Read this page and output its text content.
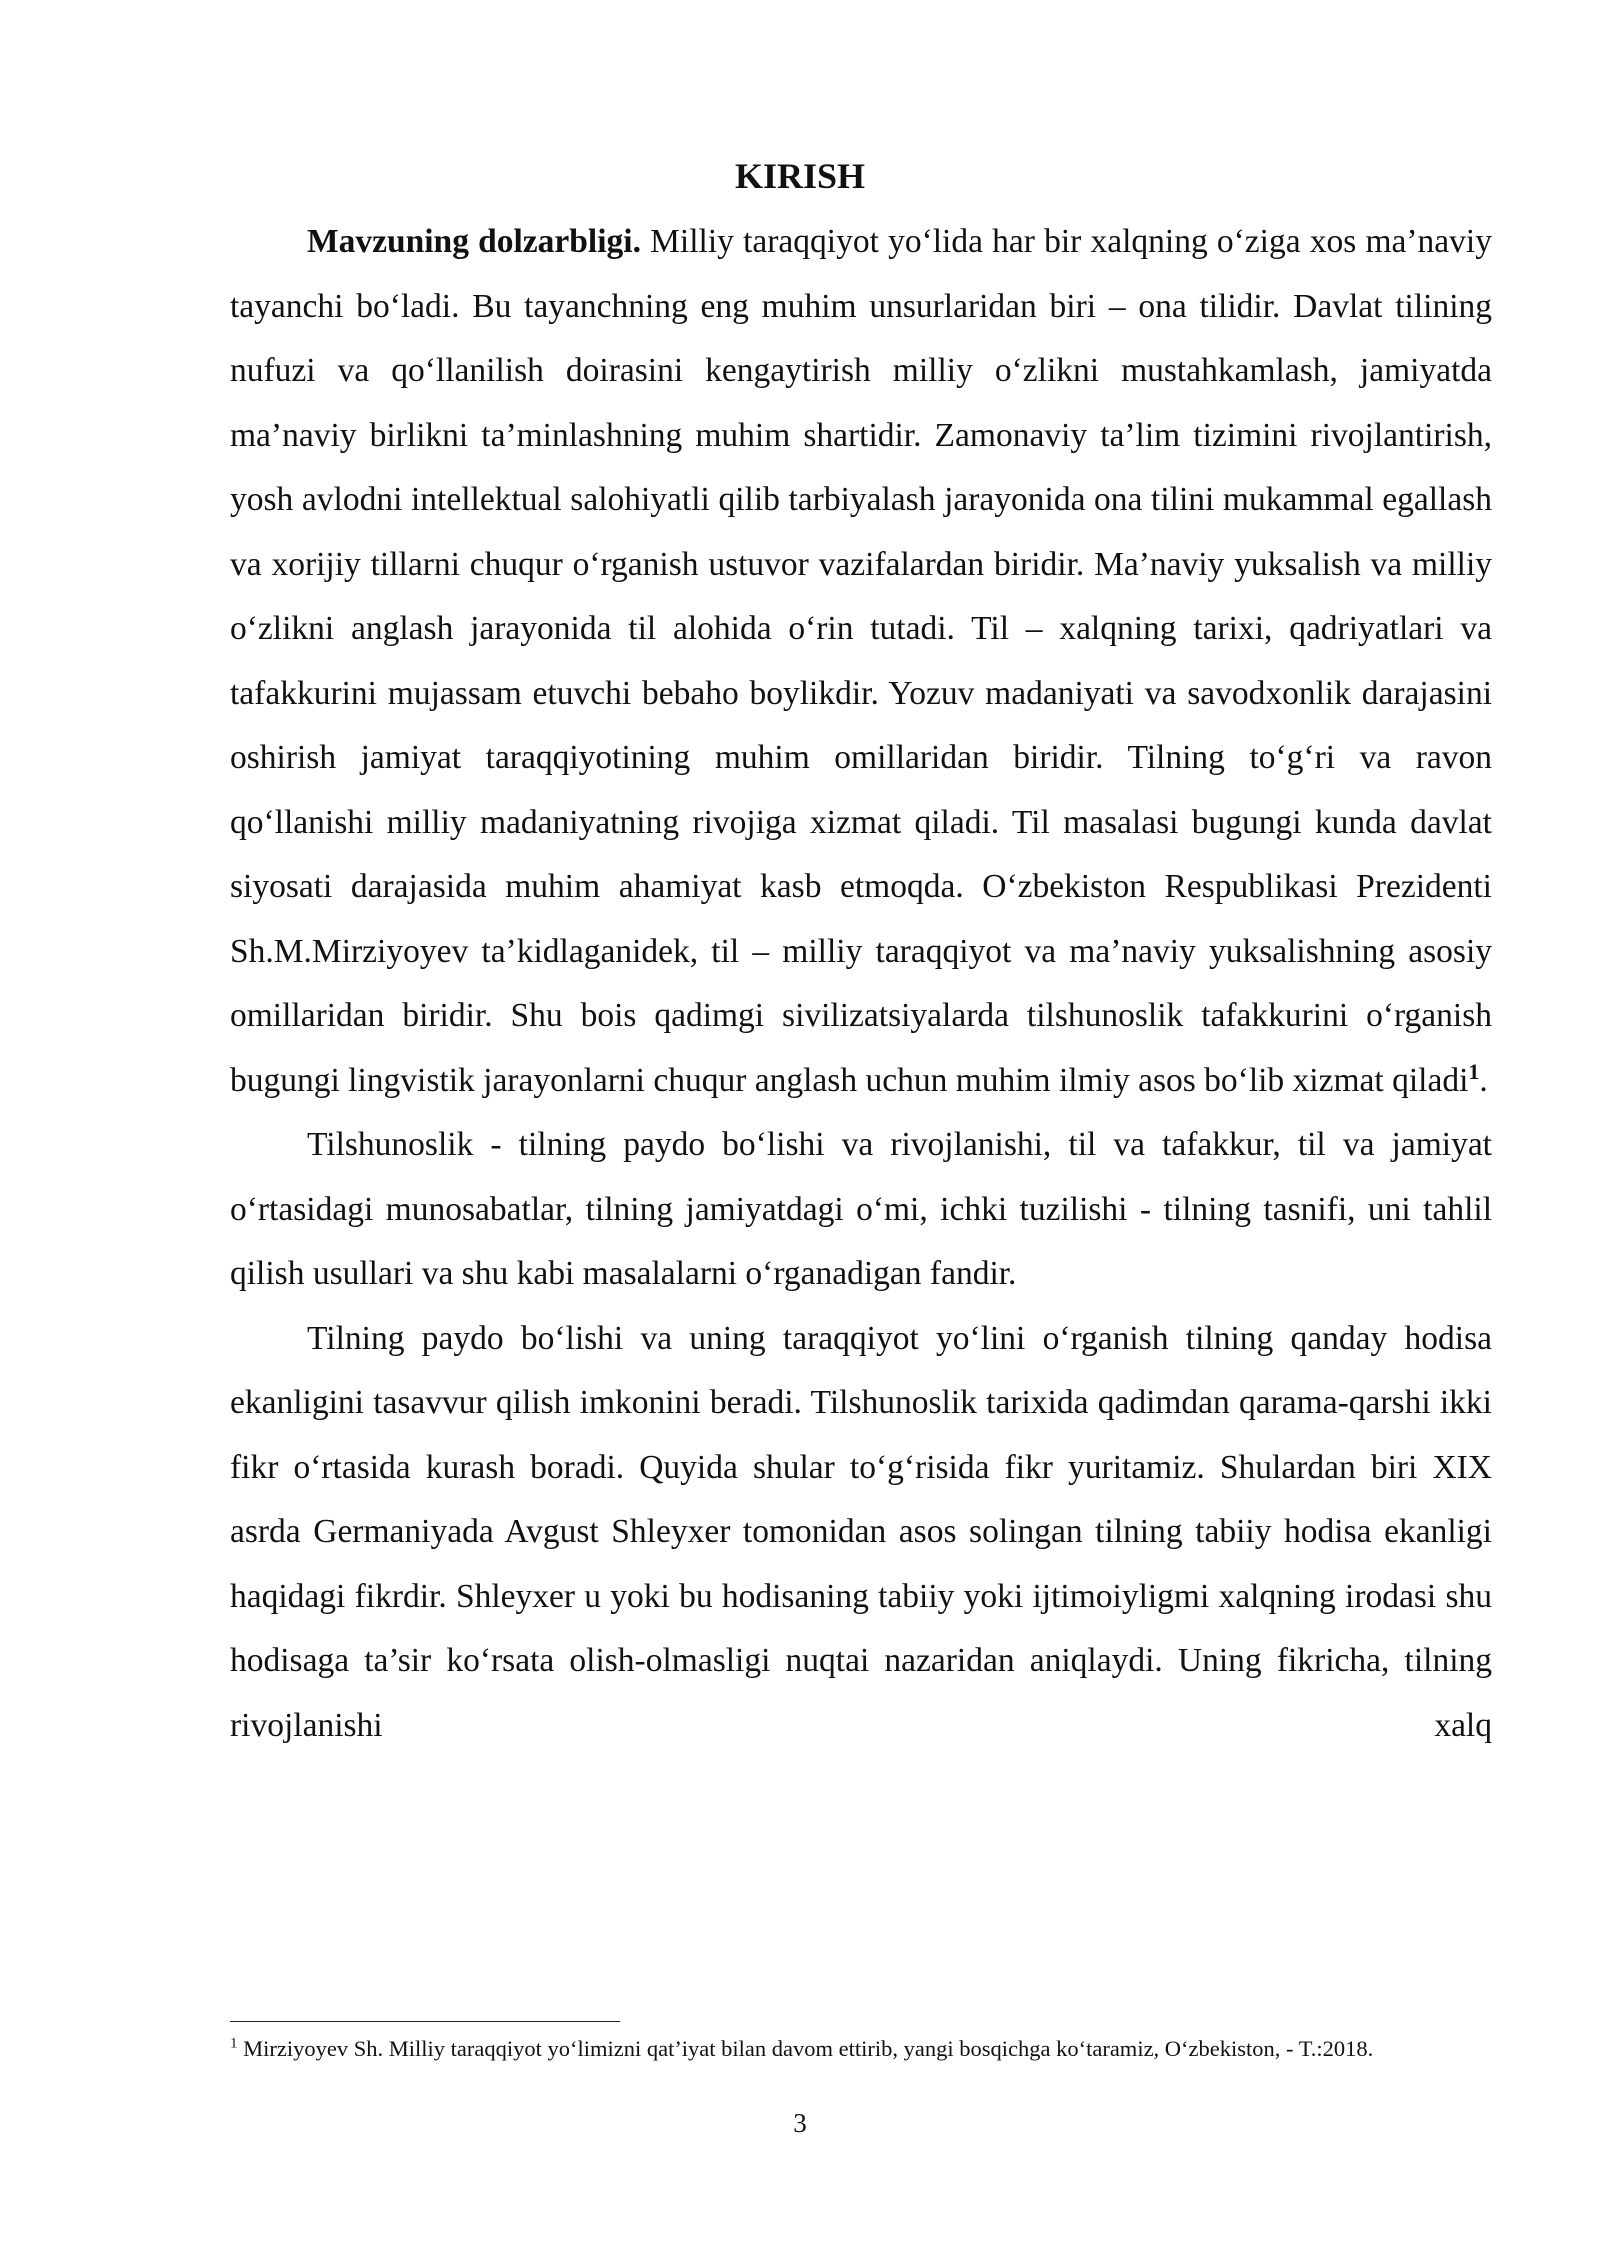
KIRISH

Mavzuning dolzarbligi. Milliy taraqqiyot yo‘lida har bir xalqning o‘ziga xos ma’naviy tayanchi bo‘ladi. Bu tayanchning eng muhim unsurlaridan biri – ona tilidir. Davlat tilining nufuzi va qo‘llanilish doirasini kengaytirish milliy o‘zlikni mustahkamlash, jamiyatda ma’naviy birlikni ta’minlashning muhim shartidir. Zamonaviy ta’lim tizimini rivojlantirish, yosh avlodni intellektual salohiyatli qilib tarbiyalash jarayonida ona tilini mukammal egallash va xorijiy tillarni chuqur o‘rganish ustuvor vazifalardan biridir. Ma’naviy yuksalish va milliy o‘zlikni anglash jarayonida til alohida o‘rin tutadi. Til – xalqning tarixi, qadriyatlari va tafakkurini mujassam etuvchi bebaho boylikdir. Yozuv madaniyati va savodxonlik darajasini oshirish jamiyat taraqqiyotining muhim omillaridan biridir. Tilning to‘g‘ri va ravon qo‘llanishi milliy madaniyatning rivojiga xizmat qiladi. Til masalasi bugungi kunda davlat siyosati darajasida muhim ahamiyat kasb etmoqda. O‘zbekiston Respublikasi Prezidenti Sh.M.Mirziyoyev ta’kidlaganidek, til – milliy taraqqiyot va ma’naviy yuksalishning asosiy omillaridan biridir. Shu bois qadimgi sivilizatsiyalarda tilshunoslik tafakkurini o‘rganish bugungi lingvistik jarayonlarni chuqur anglash uchun muhim ilmiy asos bo‘lib xizmat qiladi$^1$.

Tilshunoslik - tilning paydo bo‘lishi va rivojlanishi, til va tafakkur, til va jamiyat o‘rtasidagi munosabatlar, tilning jamiyatdagi o‘mi, ichki tuzilishi - tilning tasnifi, uni tahlil qilish usullari va shu kabi masalalarni o‘rganadigan fandir.

Tilning paydo bo‘lishi va uning taraqqiyot yo‘lini o‘rganish tilning qanday hodisa ekanligini tasavvur qilish imkonini beradi. Tilshunoslik tarixida qadimdan qarama-qarshi ikki fikr o‘rtasida kurash boradi. Quyida shular to‘g‘risida fikr yuritamiz. Shulardan biri XIX asrda Germaniyada Avgust Shleyxer tomonidan asos solingan tilning tabiiy hodisa ekanligi haqidagi fikrdir. Shleyxer u yoki bu hodisaning tabiiy yoki ijtimoiyligmi xalqning irodasi shu hodisaga ta’sir ko‘rsata olish-olmasligi nuqtai nazaridan aniqlaydi. Uning fikricha, tilning rivojlanishi xalq

$^1$ Mirziyoyev Sh. Milliy taraqqiyot yo‘limizni qat’iyat bilan davom ettirib, yangi bosqichga ko‘taramiz, O‘zbekiston, - T.:2018.
3
